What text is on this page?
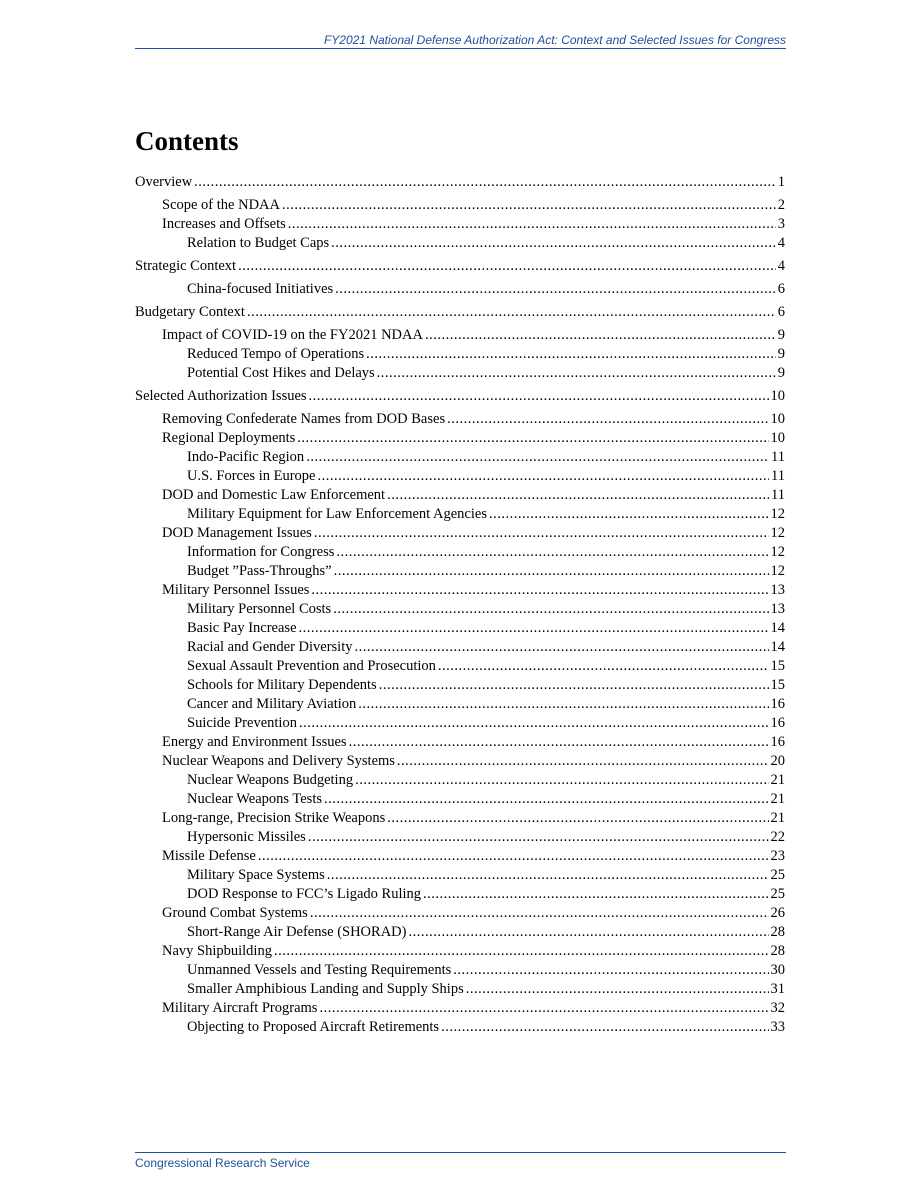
FY2021 National Defense Authorization Act: Context and Selected Issues for Congress
Contents
Overview .....	1
Scope of the NDAA .....	2
Increases and Offsets .....	3
Relation to Budget Caps .....	4
Strategic Context .....	4
China-focused Initiatives .....	6
Budgetary Context .....	6
Impact of COVID-19 on the FY2021 NDAA .....	9
Reduced Tempo of Operations .....	9
Potential Cost Hikes and Delays .....	9
Selected Authorization Issues .....	10
Removing Confederate Names from DOD Bases .....	10
Regional Deployments .....	10
Indo-Pacific Region .....	11
U.S. Forces in Europe .....	11
DOD and Domestic Law Enforcement .....	11
Military Equipment for Law Enforcement Agencies .....	12
DOD Management Issues .....	12
Information for Congress .....	12
Budget ”Pass-Throughs” .....	12
Military Personnel Issues .....	13
Military Personnel Costs .....	13
Basic Pay Increase .....	14
Racial and Gender Diversity .....	14
Sexual Assault Prevention and Prosecution .....	15
Schools for Military Dependents .....	15
Cancer and Military Aviation .....	16
Suicide Prevention .....	16
Energy and Environment Issues .....	16
Nuclear Weapons and Delivery Systems .....	20
Nuclear Weapons Budgeting .....	21
Nuclear Weapons Tests .....	21
Long-range, Precision Strike Weapons .....	21
Hypersonic Missiles .....	22
Missile Defense .....	23
Military Space Systems .....	25
DOD Response to FCC’s Ligado Ruling .....	25
Ground Combat Systems .....	26
Short-Range Air Defense (SHORAD) .....	28
Navy Shipbuilding .....	28
Unmanned Vessels and Testing Requirements .....	30
Smaller Amphibious Landing and Supply Ships .....	31
Military Aircraft Programs .....	32
Objecting to Proposed Aircraft Retirements .....	33
Congressional Research Service
